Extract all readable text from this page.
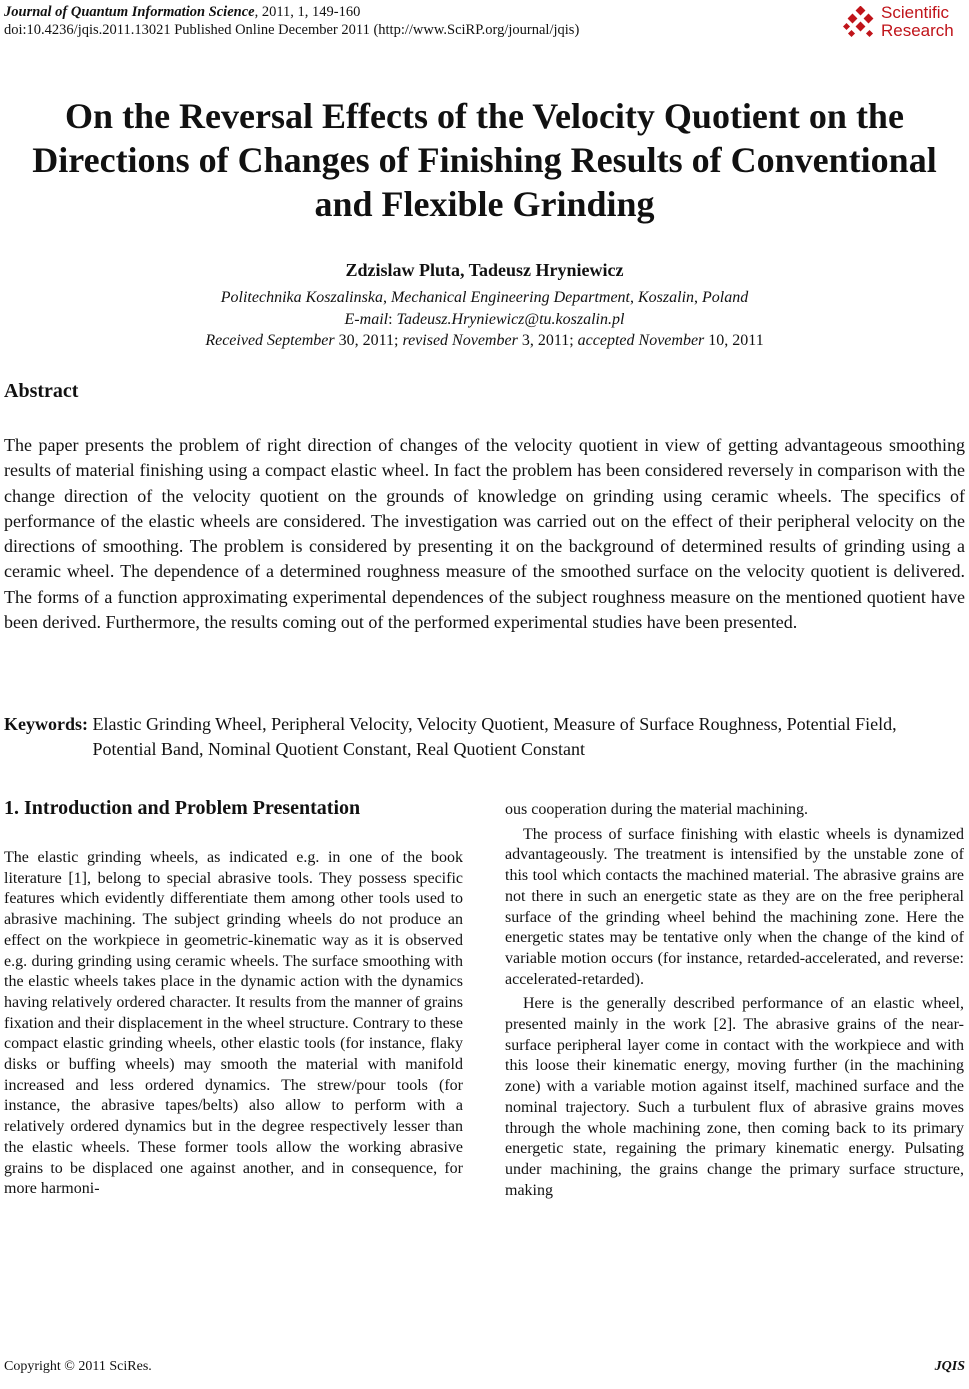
Journal of Quantum Information Science, 2011, 1, 149-160
doi:10.4236/jqis.2011.13021 Published Online December 2011 (http://www.SciRP.org/journal/jqis)
Scientific
Research
On the Reversal Effects of the Velocity Quotient on the
Directions of Changes of Finishing Results of Conventional
and Flexible Grinding
Zdzislaw Pluta, Tadeusz Hryniewicz
Politechnika Koszalinska, Mechanical Engineering Department, Koszalin, Poland
E-mail: Tadeusz.Hryniewicz@tu.koszalin.pl
Received September 30, 2011; revised November 3, 2011; accepted November 10, 2011
Abstract
The paper presents the problem of right direction of changes of the velocity quotient in view of getting advantageous smoothing results of material finishing using a compact elastic wheel. In fact the problem has been considered reversely in comparison with the change direction of the velocity quotient on the grounds of knowledge on grinding using ceramic wheels. The specifics of performance of the elastic wheels are considered. The investigation was carried out on the effect of their peripheral velocity on the directions of smoothing. The problem is considered by presenting it on the background of determined results of grinding using a ceramic wheel. The dependence of a determined roughness measure of the smoothed surface on the velocity quotient is delivered. The forms of a function approximating experimental dependences of the subject roughness measure on the mentioned quotient have been derived. Furthermore, the results coming out of the performed experimental studies have been presented.
Keywords: Elastic Grinding Wheel, Peripheral Velocity, Velocity Quotient, Measure of Surface Roughness, Potential Field, Potential Band, Nominal Quotient Constant, Real Quotient Constant
1. Introduction and Problem Presentation
The elastic grinding wheels, as indicated e.g. in one of the book literature [1], belong to special abrasive tools. They possess specific features which evidently differentiate them among other tools used to abrasive machining. The subject grinding wheels do not produce an effect on the workpiece in geometric-kinematic way as it is observed e.g. during grinding using ceramic wheels. The surface smoothing with the elastic wheels takes place in the dynamic action with the dynamics having relatively ordered character. It results from the manner of grains fixation and their displacement in the wheel structure. Contrary to these compact elastic grinding wheels, other elastic tools (for instance, flaky disks or buffing wheels) may smooth the material with manifold increased and less ordered dynamics. The strew/pour tools (for instance, the abrasive tapes/belts) also allow to perform with a relatively ordered dynamics but in the degree respectively lesser than the elastic wheels. These former tools allow the working abrasive grains to be displaced one against another, and in consequence, for more harmoni-

ous cooperation during the material machining.

The process of surface finishing with elastic wheels is dynamized advantageously. The treatment is intensified by the unstable zone of this tool which contacts the machined material. The abrasive grains are not there in such an energetic state as they are on the free peripheral surface of the grinding wheel behind the machining zone. Here the energetic states may be tentative only when the change of the kind of variable motion occurs (for instance, retarded-accelerated, and reverse: accelerated-retarded).

Here is the generally described performance of an elastic wheel, presented mainly in the work [2]. The abrasive grains of the near-surface peripheral layer come in contact with the workpiece and with this loose their kinematic energy, moving further (in the machining zone) with a variable motion against itself, machined surface and the nominal trajectory. Such a turbulent flux of abrasive grains moves through the whole machining zone, then coming back to its primary energetic state, regaining the primary kinematic energy. Pulsating under machining, the grains change the primary surface structure, making

Copyright © 2011 SciRes.	JQIS
